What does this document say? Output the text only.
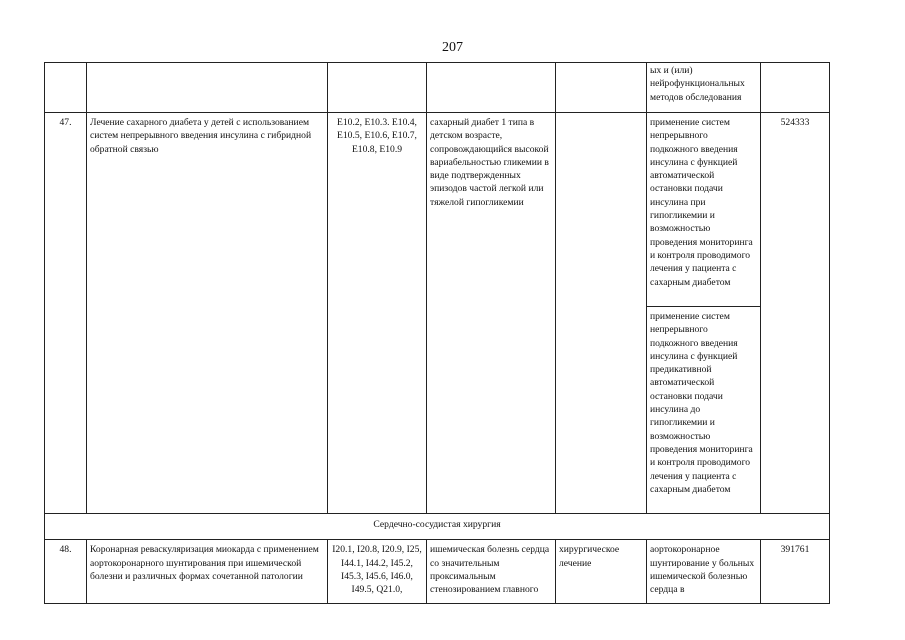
207
					ых и (или) нейрофункциональных методов обследования	
47.	Лечение сахарного диабета у детей с использованием систем непрерывного введения инсулина с гибридной обратной связью	E10.2, E10.3. E10.4, E10.5, E10.6, E10.7, E10.8, E10.9	сахарный диабет 1 типа в детском возрасте, сопровождающийся высокой вариабельностью гликемии в виде подтвержденных эпизодов частой легкой или тяжелой гипогликемии		применение систем непрерывного подкожного введения инсулина с функцией автоматической остановки подачи инсулина при гипогликемии и возможностью проведения мониторинга и контроля проводимого лечения у пациента с сахарным диабетом	524333
					применение систем непрерывного подкожного введения инсулина с функцией предикативной автоматической остановки подачи инсулина до гипогликемии и возможностью проведения мониторинга и контроля проводимого лечения у пациента с сахарным диабетом	
Сердечно-сосудистая хирургия						
48.	Коронарная реваскуляризация миокарда с применением аортокоронарного шунтирования при ишемической болезни и различных формах сочетанной патологии	I20.1, I20.8, I20.9, I25, I44.1, I44.2, I45.2, I45.3, I45.6, I46.0, I49.5, Q21.0,	ишемическая болезнь сердца со значительным проксимальным стенозированием главного	хирургическое лечение	аортокоронарное шунтирование у больных ишемической болезнью сердца в	391761
